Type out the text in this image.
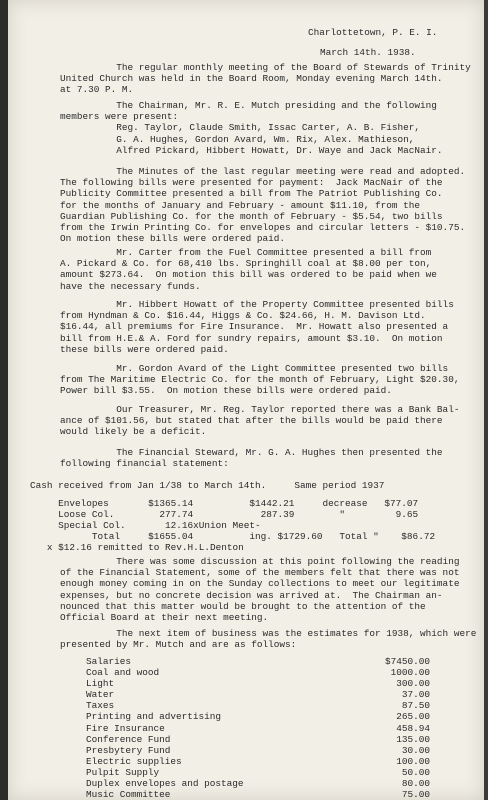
Charlottetown, P. E. I.
March 14th. 1938.
The regular monthly meeting of the Board of Stewards of Trinity
United Church was held in the Board Room, Monday evening March 14th.
at 7.30 P. M.
The Chairman, Mr. R. E. Mutch presiding and the following
members were present:
Reg. Taylor, Claude Smith, Issac Carter, A. B. Fisher,
G. A. Hughes, Gordon Avard, Wm. Rix, Alex. Mathieson,
Alfred Pickard, Hibbert Howatt, Dr. Waye and Jack MacNair.
The Minutes of the last regular meeting were read and adopted.
The following bills were presented for payment:  Jack MacNair of the
Publicity Committee presented a bill from The Patriot Publishing Co.
for the months of January and February - amount $11.10, from the
Guardian Publishing Co. for the month of February - $5.54, two bills
from the Irwin Printing Co. for envelopes and circular letters - $10.75.
On motion these bills were ordered paid.
Mr. Carter from the Fuel Committee presented a bill from
A. Pickard & Co. for 68,410 lbs. Springhill coal at $8.00 per ton,
amount $273.64.  On motion this bill was ordered to be paid when we
have the necessary funds.
Mr. Hibbert Howatt of the Property Committee presented bills
from Hyndman & Co. $16.44, Higgs & Co. $24.66, H. M. Davison Ltd.
$16.44, all premiums for Fire Insurance.  Mr. Howatt also presented a
bill from H.E.& A. Ford for sundry repairs, amount $3.10.  On motion
these bills were ordered paid.
Mr. Gordon Avard of the Light Committee presented two bills
from The Maritime Electric Co. for the month of February, Light $20.30,
Power bill $3.55.  On motion these bills were ordered paid.
Our Treasurer, Mr. Reg. Taylor reported there was a Bank Bal-
ance of $101.56, but stated that after the bills would be paid there
would likely be a deficit.
The Financial Steward, Mr. G. A. Hughes then presented the
following financial statement:
Cash received from Jan 1/38 to March 14th.     Same period 1937
Envelopes       $1365.14          $1442.21     decrease   $77.07
Loose Col.        277.74            287.39        "         9.65
Special Col.       12.16xUnion Meet-
Total     $1655.04          ing. $1729.60   Total "    $86.72
x $12.16 remitted to Rev.H.L.Denton
There was some discussion at this point following the reading
of the Financial Statement, some of the members felt that there was not
enough money coming in on the Sunday collections to meet our legitimate
expenses, but no concrete decision was arrived at.  The Chairman an-
nounced that this matter would be brought to the attention of the
Official Board at their next meeting.
The next item of business was the estimates for 1938, which were
presented by Mr. Mutch and are as follows:
Salaries	$7450.00
Coal and wood	1000.00
Light	300.00
Water	37.00
Taxes	87.50
Printing and advertising	265.00
Fire Insurance	458.94
Conference Fund	135.00
Presbytery Fund	30.00
Electric supplies	100.00
Pulpit Supply	50.00
Duplex envelopes and postage	80.00
Music Committee	75.00
